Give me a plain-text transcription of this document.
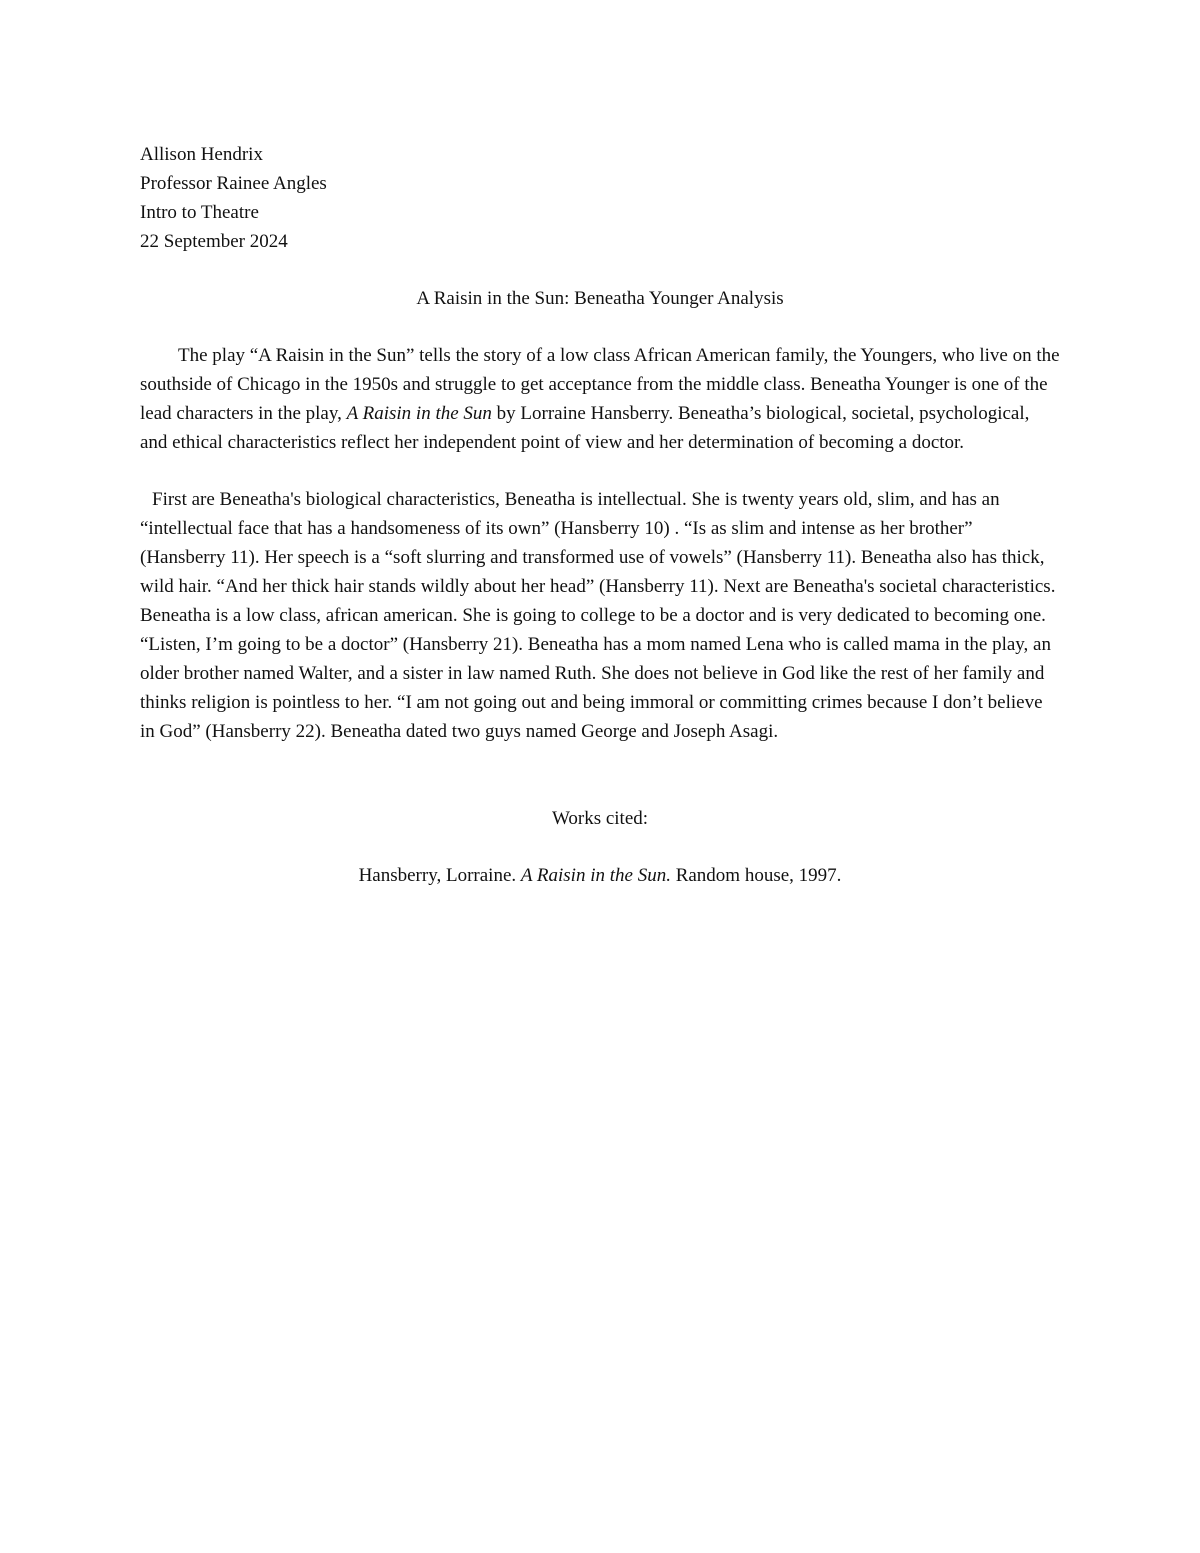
Allison Hendrix
Professor Rainee Angles
Intro to Theatre
22 September 2024
A Raisin in the Sun: Beneatha Younger Analysis

The play “A Raisin in the Sun” tells the story of a low class African American family, the Youngers, who live on the southside of Chicago in the 1950s and struggle to get acceptance from the middle class. Beneatha Younger is one of the lead characters in the play, A Raisin in the Sun by Lorraine Hansberry. Beneatha’s biological, societal, psychological, and ethical characteristics reflect her independent point of view and her determination of becoming a doctor.

First are Beneatha's biological characteristics, Beneatha is intellectual. She is twenty years old, slim, and has an “intellectual face that has a handsomeness of its own” (Hansberry 10) . “Is as slim and intense as her brother” (Hansberry 11). Her speech is a “soft slurring and transformed use of vowels” (Hansberry 11). Beneatha also has thick, wild hair. “And her thick hair stands wildly about her head” (Hansberry 11). Next are Beneatha's societal characteristics. Beneatha is a low class, african american. She is going to college to be a doctor and is very dedicated to becoming one. “Listen, I’m going to be a doctor” (Hansberry 21). Beneatha has a mom named Lena who is called mama in the play, an older brother named Walter, and a sister in law named Ruth. She does not believe in God like the rest of her family and thinks religion is pointless to her. “I am not going out and being immoral or committing crimes because I don’t believe in God” (Hansberry 22). Beneatha dated two guys named George and Joseph Asagi.

Works cited:
Hansberry, Lorraine. A Raisin in the Sun. Random house, 1997.
